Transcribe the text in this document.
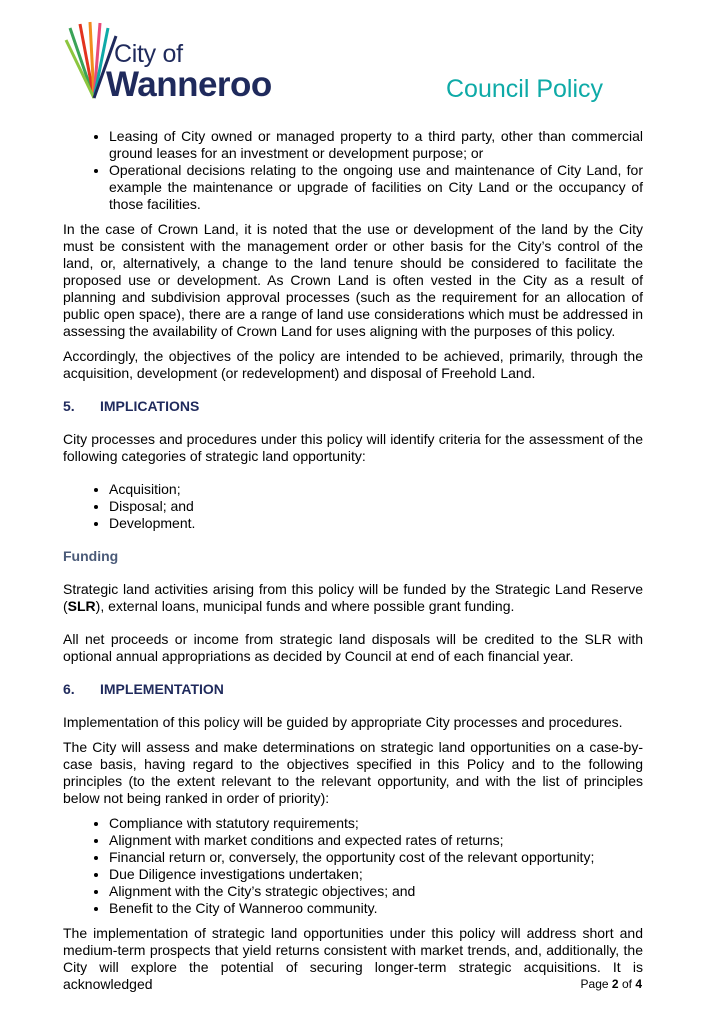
City of
Wanneroo	Council Policy
• Leasing of City owned or managed property to a third party, other than commercial ground leases for an investment or development purpose; or
• Operational decisions relating to the ongoing use and maintenance of City Land, for example the maintenance or upgrade of facilities on City Land or the occupancy of those facilities.

In the case of Crown Land, it is noted that the use or development of the land by the City must be consistent with the management order or other basis for the City’s control of the land, or, alternatively, a change to the land tenure should be considered to facilitate the proposed use or development. As Crown Land is often vested in the City as a result of planning and subdivision approval processes (such as the requirement for an allocation of public open space), there are a range of land use considerations which must be addressed in assessing the availability of Crown Land for uses aligning with the purposes of this policy.

Accordingly, the objectives of the policy are intended to be achieved, primarily, through the acquisition, development (or redevelopment) and disposal of Freehold Land.

5. IMPLICATIONS

City processes and procedures under this policy will identify criteria for the assessment of the following categories of strategic land opportunity:

• Acquisition;
• Disposal; and
• Development.
Funding

Strategic land activities arising from this policy will be funded by the Strategic Land Reserve (SLR), external loans, municipal funds and where possible grant funding.

All net proceeds or income from strategic land disposals will be credited to the SLR with optional annual appropriations as decided by Council at end of each financial year.

6. IMPLEMENTATION

Implementation of this policy will be guided by appropriate City processes and procedures.

The City will assess and make determinations on strategic land opportunities on a case-by-case basis, having regard to the objectives specified in this Policy and to the following principles (to the extent relevant to the relevant opportunity, and with the list of principles below not being ranked in order of priority):

• Compliance with statutory requirements;
• Alignment with market conditions and expected rates of returns;
• Financial return or, conversely, the opportunity cost of the relevant opportunity;
• Due Diligence investigations undertaken;
• Alignment with the City’s strategic objectives; and
• Benefit to the City of Wanneroo community.

The implementation of strategic land opportunities under this policy will address short and medium-term prospects that yield returns consistent with market trends, and, additionally, the City will explore the potential of securing longer-term strategic acquisitions. It is acknowledged	Page 2 of 4
